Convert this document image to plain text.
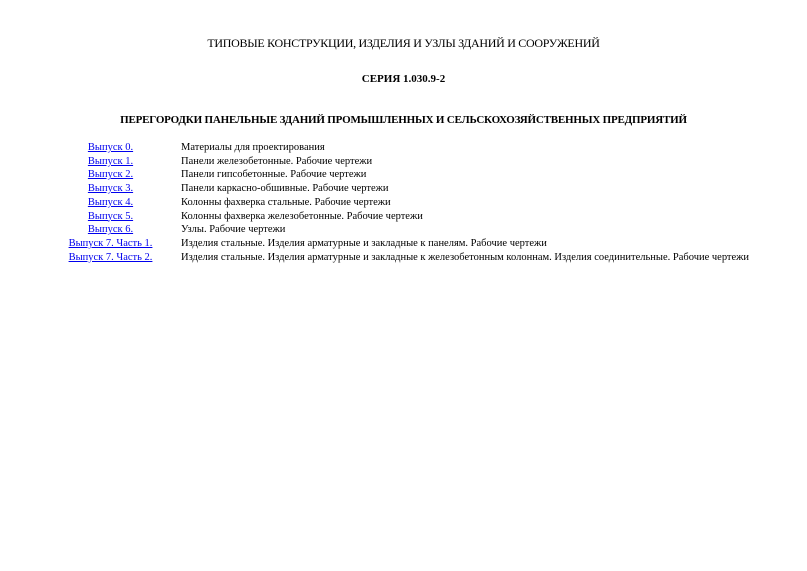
ТИПОВЫЕ КОНСТРУКЦИИ, ИЗДЕЛИЯ И УЗЛЫ ЗДАНИЙ И СООРУЖЕНИЙ
СЕРИЯ 1.030.9-2
ПЕРЕГОРОДКИ ПАНЕЛЬНЫЕ ЗДАНИЙ ПРОМЫШЛЕННЫХ И СЕЛЬСКОХОЗЯЙСТВЕННЫХ ПРЕДПРИЯТИЙ
Выпуск 0.	Материалы для проектирования
Выпуск 1.	Панели железобетонные. Рабочие чертежи
Выпуск 2.	Панели гипсобетонные. Рабочие чертежи
Выпуск 3.	Панели каркасно-обшивные. Рабочие чертежи
Выпуск 4.	Колонны фахверка стальные. Рабочие чертежи
Выпуск 5.	Колонны фахверка железобетонные. Рабочие чертежи
Выпуск 6.	Узлы. Рабочие чертежи
Выпуск 7. Часть 1.	Изделия стальные. Изделия арматурные и закладные к панелям. Рабочие чертежи
Выпуск 7. Часть 2.	Изделия стальные. Изделия арматурные и закладные к железобетонным колоннам. Изделия соединительные. Рабочие чертежи
